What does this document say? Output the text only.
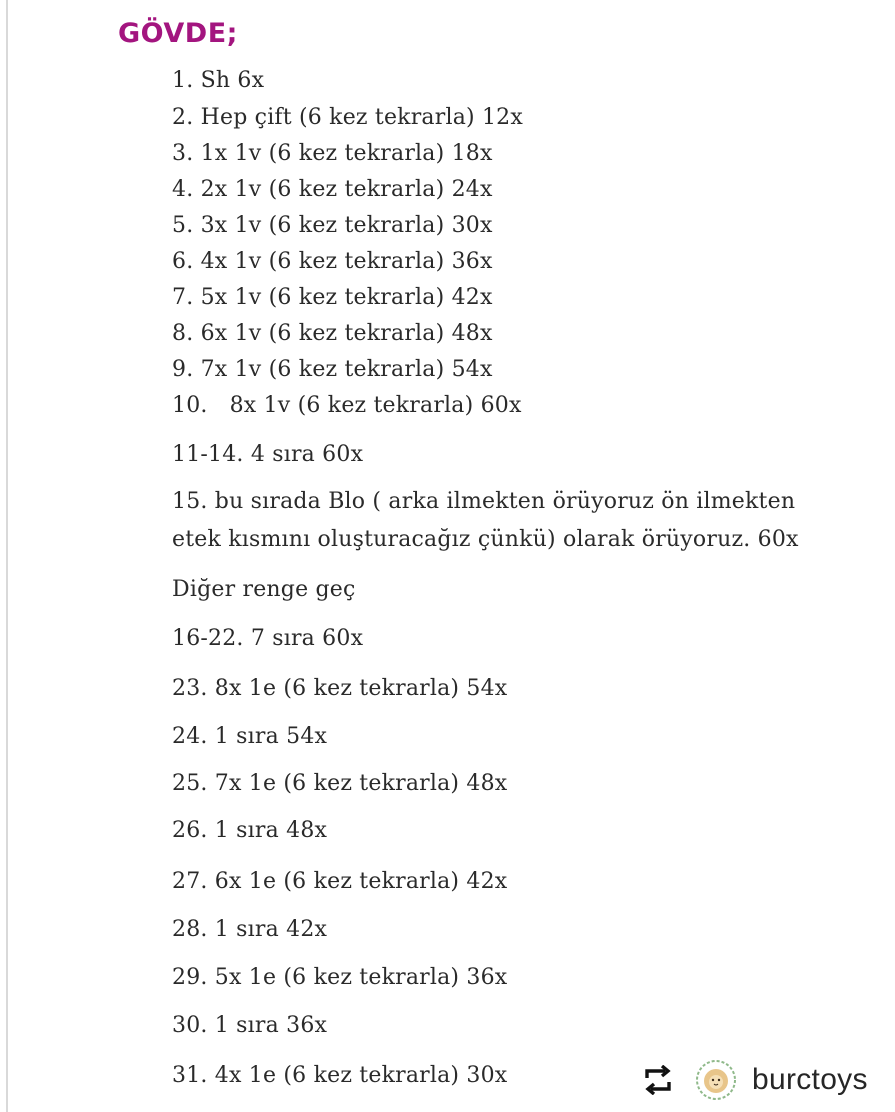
GÖVDE;
1. Sh 6x
2. Hep çift (6 kez tekrarla) 12x
3. 1x 1v (6 kez tekrarla) 18x
4. 2x 1v (6 kez tekrarla) 24x
5. 3x 1v (6 kez tekrarla) 30x
6. 4x 1v (6 kez tekrarla) 36x
7. 5x 1v (6 kez tekrarla) 42x
8. 6x 1v (6 kez tekrarla) 48x
9. 7x 1v (6 kez tekrarla) 54x
10. 8x 1v (6 kez tekrarla) 60x
11-14. 4 sıra 60x
15. bu sırada Blo ( arka ilmekten örüyoruz ön ilmekten
etek kısmını oluşturacağız çünkü) olarak örüyoruz. 60x
Diğer renge geç
16-22. 7 sıra 60x
23. 8x 1e (6 kez tekrarla) 54x
24. 1 sıra 54x
25. 7x 1e (6 kez tekrarla) 48x
26. 1 sıra 48x
27. 6x 1e (6 kez tekrarla) 42x
28. 1 sıra 42x
29. 5x 1e (6 kez tekrarla) 36x
30. 1 sıra 36x
31. 4x 1e (6 kez tekrarla) 30x	burctoys
